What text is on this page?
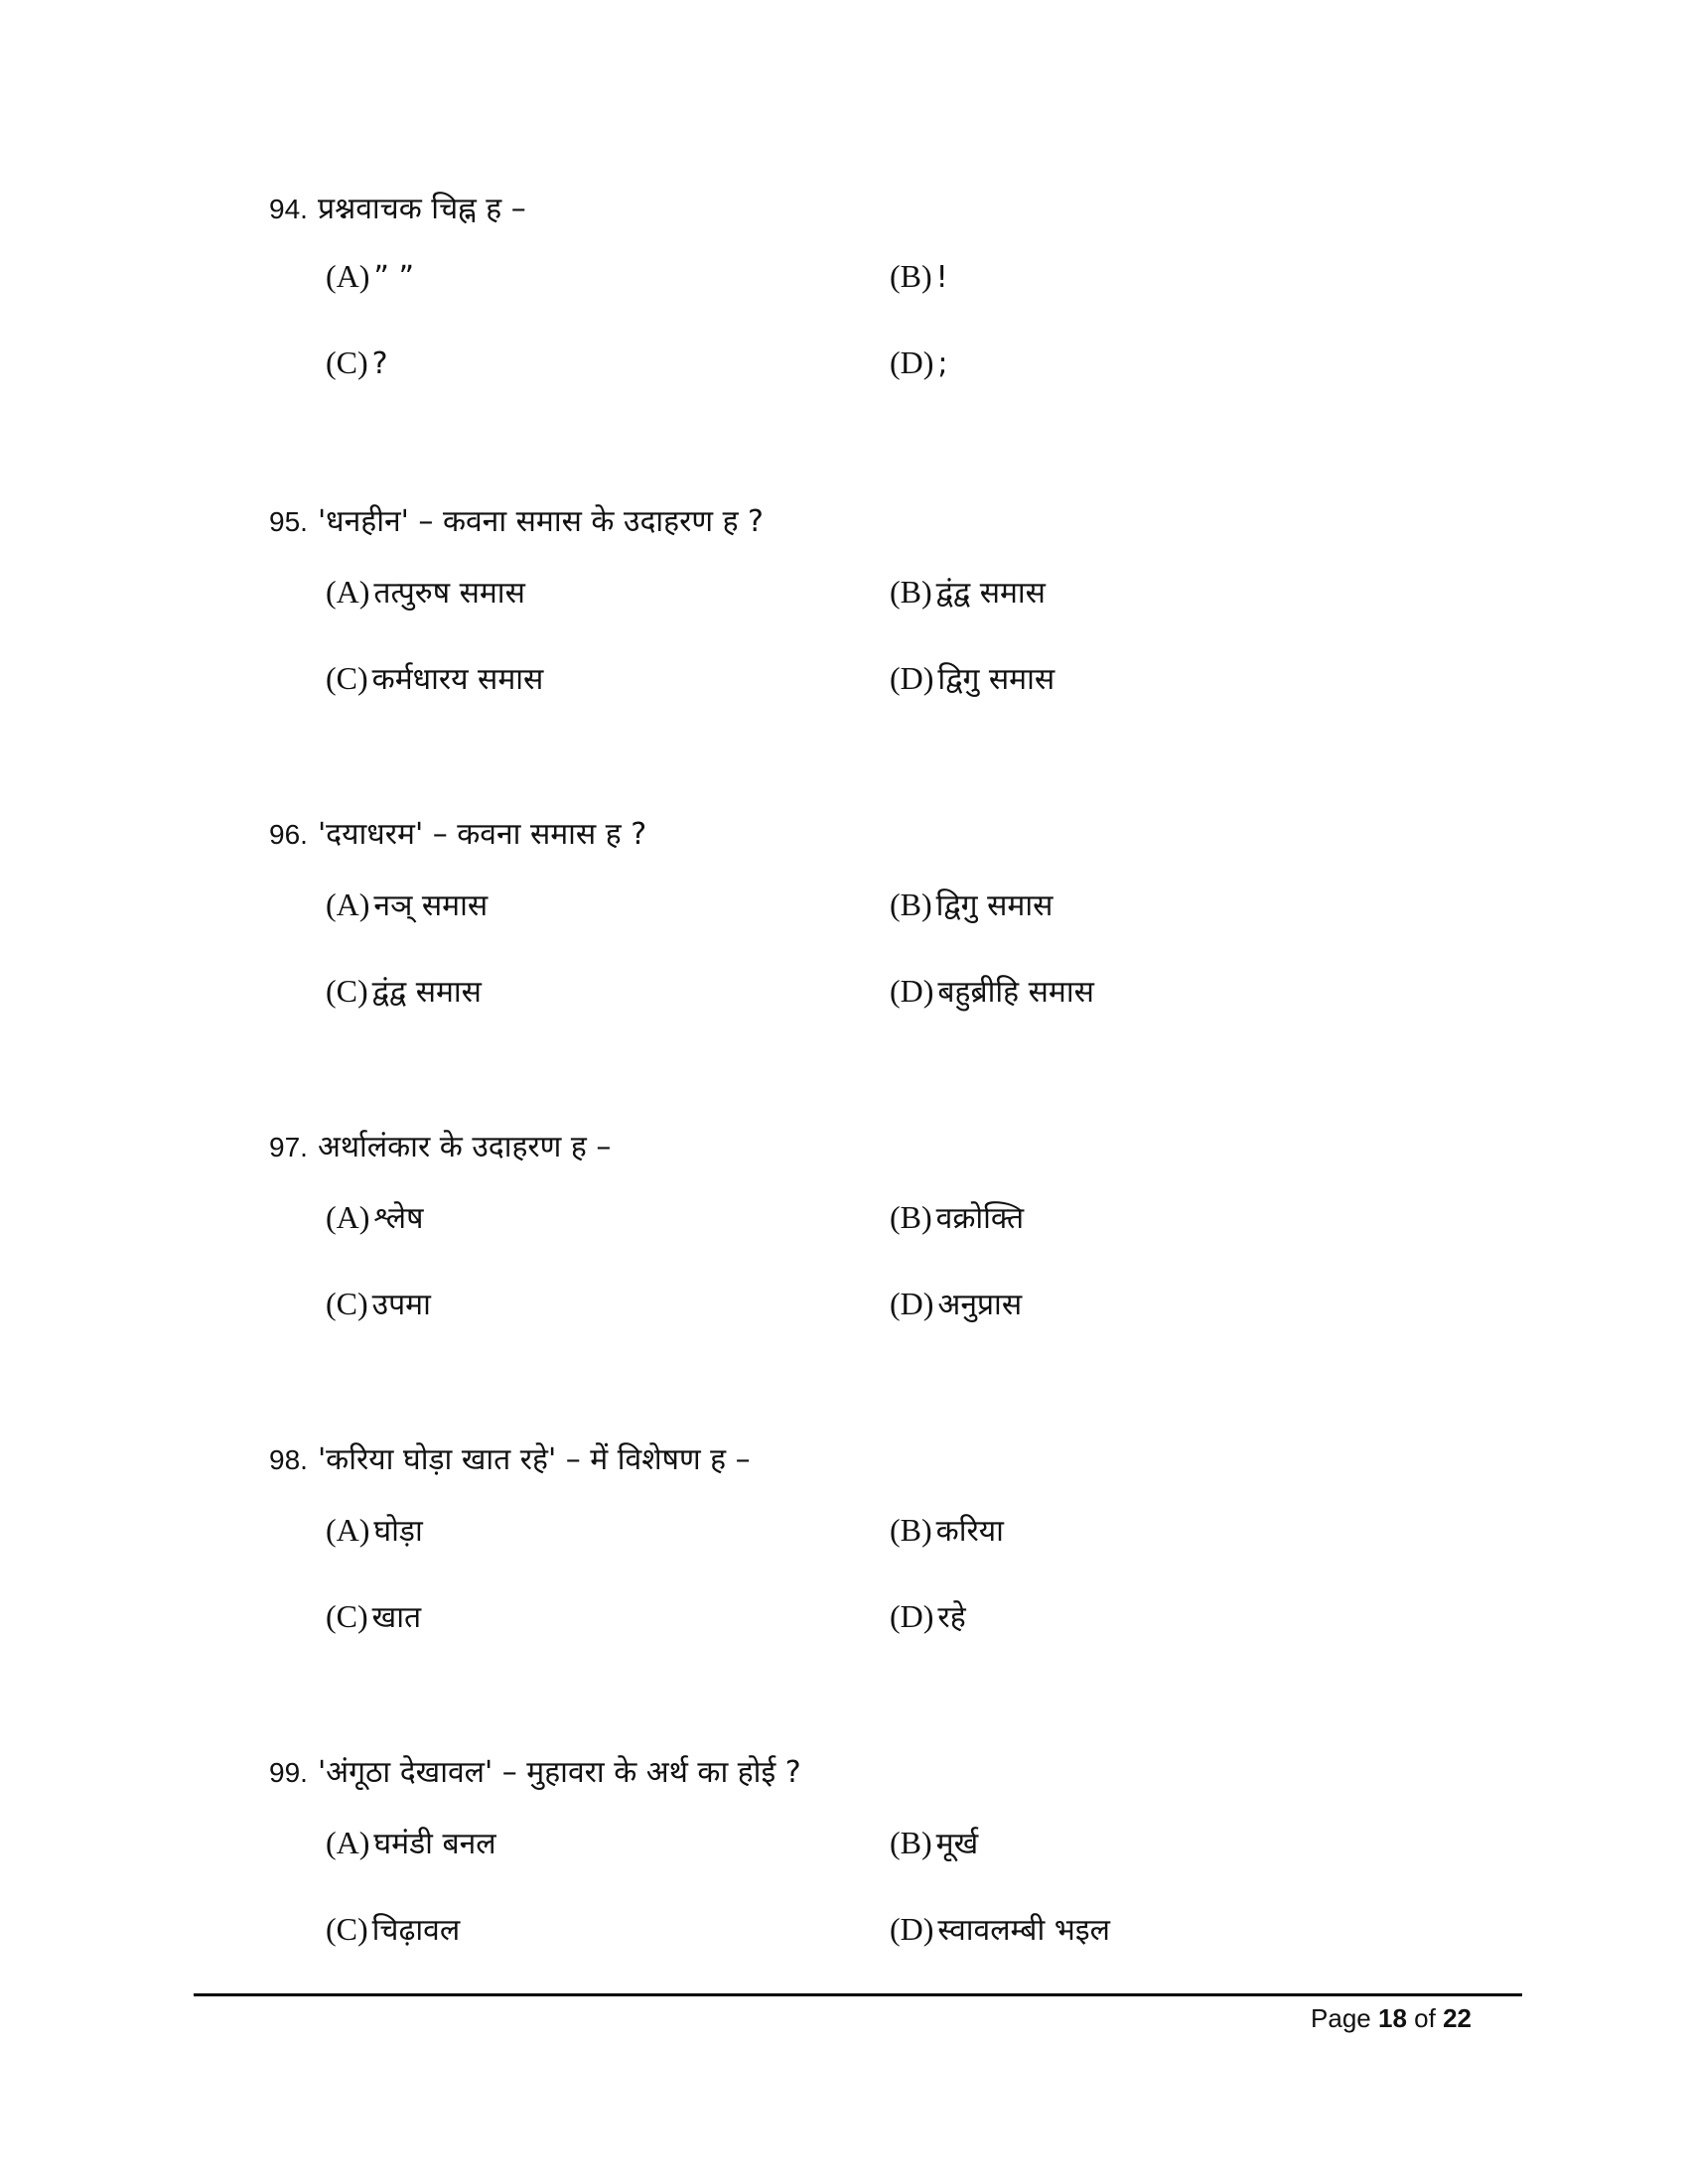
94. प्रश्नवाचक चिह्न ह –
(A) ” ”	(B) !
(C) ?	(D) ;
95. 'धनहीन' – कवना समास के उदाहरण ह ?
(A) तत्पुरुष समास	(B) द्वंद्व समास
(C) कर्मधारय समास	(D) द्विगु समास
96. 'दयाधरम' – कवना समास ह ?
(A) नञ् समास	(B) द्विगु समास
(C) द्वंद्व समास	(D) बहुब्रीहि समास
97. अर्थालंकार के उदाहरण ह –
(A) श्लेष	(B) वक्रोक्ति
(C) उपमा	(D) अनुप्रास
98. 'करिया घोड़ा खात रहे' – में विशेषण ह –
(A) घोड़ा	(B) करिया
(C) खात	(D) रहे
99. 'अंगूठा देखावल' – मुहावरा के अर्थ का होई ?
(A) घमंडी बनल	(B) मूर्ख
(C) चिढ़ावल	(D) स्वावलम्बी भइल
Page 18 of 22
